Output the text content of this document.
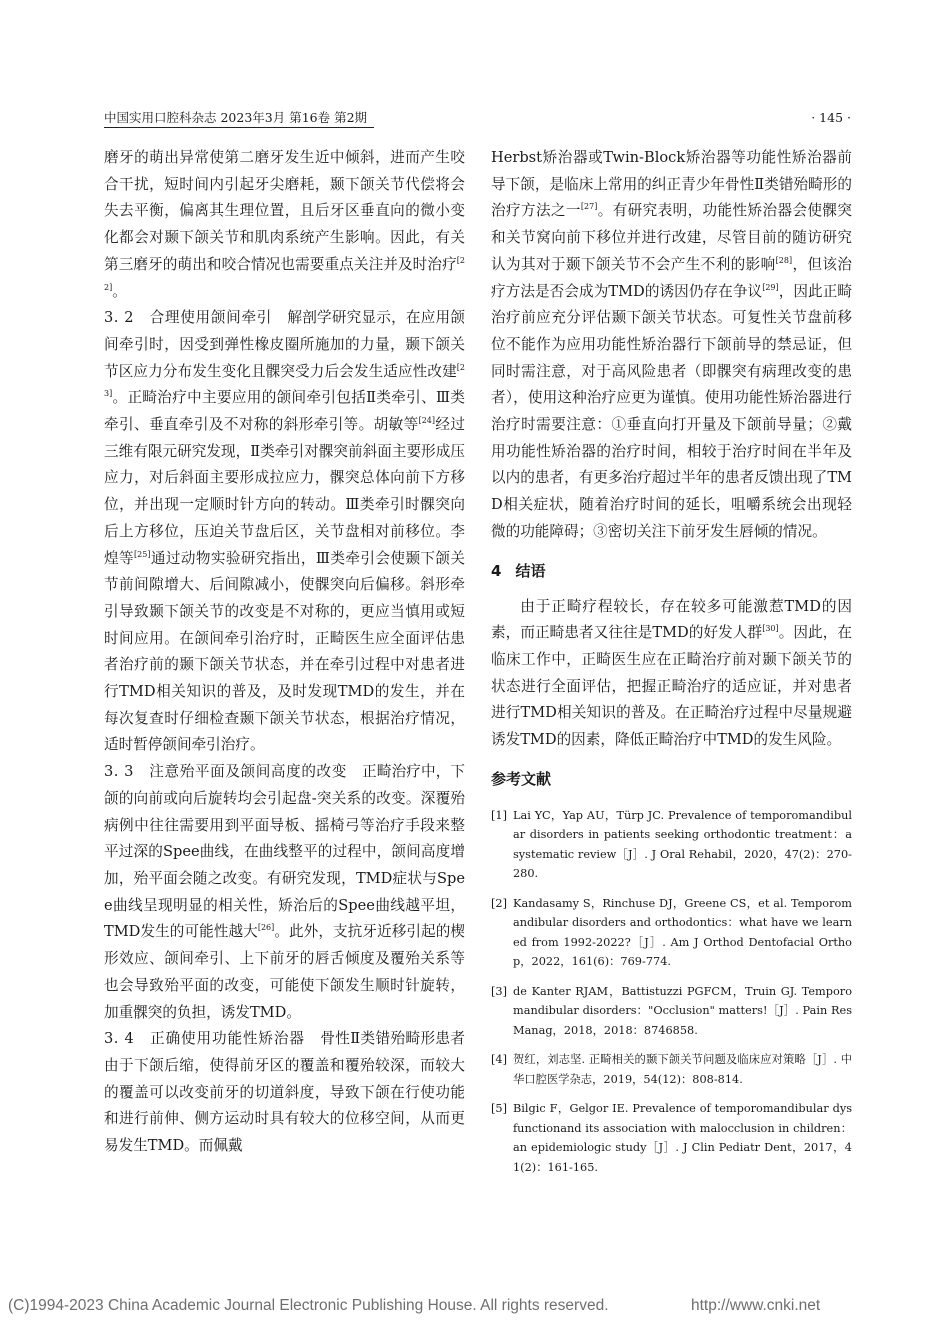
中国实用口腔科杂志 2023年3月 第16卷 第2期	· 145 ·

磨牙的萌出异常使第二磨牙发生近中倾斜，进而产生咬合干扰，短时间内引起牙尖磨耗，颞下颌关节代偿将会失去平衡，偏离其生理位置，且后牙区垂直向的微小变化都会对颞下颌关节和肌肉系统产生影响。因此，有关第三磨牙的萌出和咬合情况也需要重点关注并及时治疗[22]。

3. 2　 合理使用颌间牵引　 解剖学研究显示，在应用颌间牵引时，因受到弹性橡皮圈所施加的力量，颞下颌关节区应力分布发生变化且髁突受力后会发生适应性改建[23]。正畸治疗中主要应用的颌间牵引包括Ⅱ类牵引、Ⅲ类牵引、垂直牵引及不对称的斜形牵引等。胡敏等[24]经过三维有限元研究发现，Ⅱ类牵引对髁突前斜面主要形成压应力，对后斜面主要形成拉应力，髁突总体向前下方移位，并出现一定顺时针方向的转动。Ⅲ类牵引时髁突向后上方移位，压迫关节盘后区，关节盘相对前移位。李煌等[25]通过动物实验研究指出，Ⅲ类牵引会使颞下颌关节前间隙增大、后间隙减小，使髁突向后偏移。斜形牵引导致颞下颌关节的改变是不对称的，更应当慎用或短时间应用。在颌间牵引治疗时，正畸医生应全面评估患者治疗前的颞下颌关节状态，并在牵引过程中对患者进行TMD相关知识的普及，及时发现TMD的发生，并在每次复查时仔细检查颞下颌关节状态，根据治疗情况，适时暂停颌间牵引治疗。

3. 3　 注意殆平面及颌间高度的改变　 正畸治疗中，下颌的向前或向后旋转均会引起盘-突关系的改变。深覆殆病例中往往需要用到平面导板、摇椅弓等治疗手段来整平过深的Spee曲线，在曲线整平的过程中，颌间高度增加，殆平面会随之改变。有研究发现，TMD症状与Spee曲线呈现明显的相关性，矫治后的Spee曲线越平坦，TMD发生的可能性越大[26]。此外，支抗牙近移引起的楔形效应、颌间牵引、上下前牙的唇舌倾度及覆殆关系等也会导致殆平面的改变，可能使下颌发生顺时针旋转，加重髁突的负担，诱发TMD。

3. 4　 正确使用功能性矫治器　 骨性Ⅱ类错殆畸形患者由于下颌后缩，使得前牙区的覆盖和覆殆较深，而较大的覆盖可以改变前牙的切道斜度，导致下颌在行使功能和进行前伸、侧方运动时具有较大的位移空间，从而更易发生TMD。而佩戴

Herbst矫治器或Twin-Block矫治器等功能性矫治器前导下颌，是临床上常用的纠正青少年骨性Ⅱ类错殆畸形的治疗方法之一[27]。有研究表明，功能性矫治器会使髁突和关节窝向前下移位并进行改建，尽管目前的随访研究认为其对于颞下颌关节不会产生不利的影响[28]，但该治疗方法是否会成为TMD的诱因仍存在争议[29]，因此正畸治疗前应充分评估颞下颌关节状态。可复性关节盘前移位不能作为应用功能性矫治器行下颌前导的禁忌证，但同时需注意，对于高风险患者（即髁突有病理改变的患者），使用这种治疗应更为谨慎。使用功能性矫治器进行治疗时需要注意：①垂直向打开量及下颌前导量；②戴用功能性矫治器的治疗时间，相较于治疗时间在半年及以内的患者，有更多治疗超过半年的患者反馈出现了TMD相关症状，随着治疗时间的延长，咀嚼系统会出现轻微的功能障碍；③密切关注下前牙发生唇倾的情况。

4 结语

由于正畸疗程较长，存在较多可能激惹TMD的因素，而正畸患者又往往是TMD的好发人群[30]。因此，在临床工作中，正畸医生应在正畸治疗前对颞下颌关节的状态进行全面评估，把握正畸治疗的适应证，并对患者进行TMD相关知识的普及。在正畸治疗过程中尽量规避诱发TMD的因素，降低正畸治疗中TMD的发生风险。

参考文献
[1] Lai YC，Yap AU，Türp JC. Prevalence of temporomandibular disorders in patients seeking orthodontic treatment：a systematic review［J］. J Oral Rehabil，2020，47(2)：270-280.
[2] Kandasamy S，Rinchuse DJ，Greene CS，et al. Temporomandibular disorders and orthodontics：what have we learned from 1992-2022?［J］. Am J Orthod Dentofacial Orthop，2022，161(6)：769-774.
[3] de Kanter RJAM，Battistuzzi PGFCM，Truin GJ. Temporomandibular disorders："Occlusion" matters!［J］. Pain Res Manag，2018，2018：8746858.
[4] 贺红，刘志坚. 正畸相关的颞下颌关节问题及临床应对策略［J］. 中华口腔医学杂志，2019，54(12)：808-814.
[5] Bilgic F，Gelgor IE. Prevalence of temporomandibular dysfunctionand its association with malocclusion in children：an epidemiologic study［J］. J Clin Pediatr Dent，2017，41(2)：161-165.
(C)1994-2023 China Academic Journal Electronic Publishing House. All rights reserved.	http://www.cnki.net
